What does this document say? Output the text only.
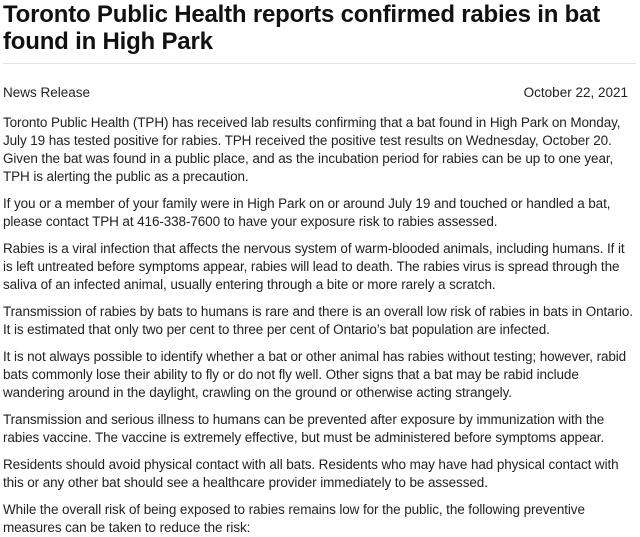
Toronto Public Health reports confirmed rabies in bat found in High Park
News Release	October 22, 2021

Toronto Public Health (TPH) has received lab results confirming that a bat found in High Park on Monday, July 19 has tested positive for rabies. TPH received the positive test results on Wednesday, October 20. Given the bat was found in a public place, and as the incubation period for rabies can be up to one year, TPH is alerting the public as a precaution.

If you or a member of your family were in High Park on or around July 19 and touched or handled a bat, please contact TPH at 416-338-7600 to have your exposure risk to rabies assessed.

Rabies is a viral infection that affects the nervous system of warm-blooded animals, including humans. If it is left untreated before symptoms appear, rabies will lead to death. The rabies virus is spread through the saliva of an infected animal, usually entering through a bite or more rarely a scratch.

Transmission of rabies by bats to humans is rare and there is an overall low risk of rabies in bats in Ontario. It is estimated that only two per cent to three per cent of Ontario’s bat population are infected.

It is not always possible to identify whether a bat or other animal has rabies without testing; however, rabid bats commonly lose their ability to fly or do not fly well. Other signs that a bat may be rabid include wandering around in the daylight, crawling on the ground or otherwise acting strangely.

Transmission and serious illness to humans can be prevented after exposure by immunization with the rabies vaccine. The vaccine is extremely effective, but must be administered before symptoms appear.

Residents should avoid physical contact with all bats. Residents who may have had physical contact with this or any other bat should see a healthcare provider immediately to be assessed.

While the overall risk of being exposed to rabies remains low for the public, the following preventive measures can be taken to reduce the risk:
